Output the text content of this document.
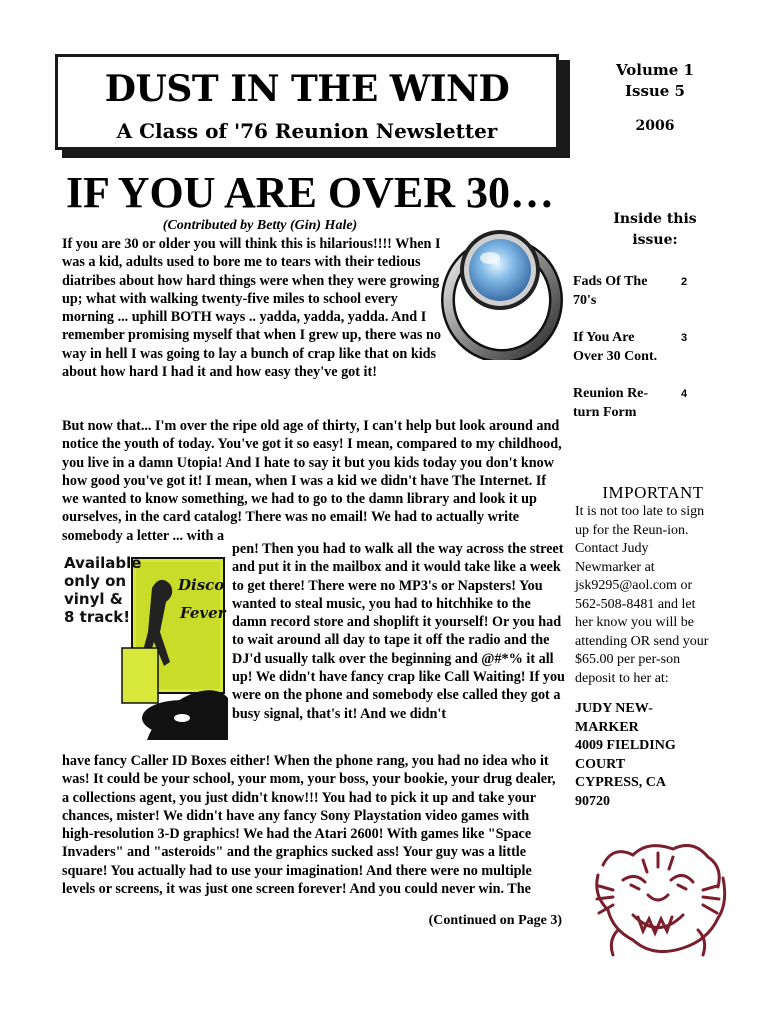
DUST IN THE WIND
A Class of '76 Reunion Newsletter
Volume 1
Issue 5
2006
IF YOU ARE OVER 30…
(Contributed by Betty (Gin) Hale)

If you are 30 or older you will think this is hilarious!!!! When I was a kid, adults used to bore me to tears with their tedious diatribes about how hard things were when they were growing up; what with walking twenty-five miles to school every morning ... uphill BOTH ways .. yadda, yadda, yadda. And I remember promising myself that when I grew up, there was no way in hell I was going to lay a bunch of crap like that on kids about how hard I had it and how easy they've got it!

But now that... I'm over the ripe old age of thirty, I can't help but look around and notice the youth of today. You've got it so easy! I mean, compared to my childhood, you live in a damn Utopia! And I hate to say it but you kids today you don't know how good you've got it! I mean, when I was a kid we didn't have The Internet. If we wanted to know something, we had to go to the damn library and look it up ourselves, in the card catalog! There was no email! We had to actually write somebody a letter ... with a

Disco
Fever
Available
only on
vinyl &
8 track!

pen! Then you had to walk all the way across the street and put it in the mailbox and it would take like a week to get there! There were no MP3's or Napsters! You wanted to steal music, you had to hitchhike to the damn record store and shoplift it yourself! Or you had to wait around all day to tape it off the radio and the DJ'd usually talk over the beginning and @#*% it all up! We didn't have fancy crap like Call Waiting! If you were on the phone and somebody else called they got a busy signal, that's it! And we didn't

have fancy Caller ID Boxes either! When the phone rang, you had no idea who it was! It could be your school, your mom, your boss, your bookie, your drug dealer, a collections agent, you just didn't know!!! You had to pick it up and take your chances, mister! We didn't have any fancy Sony Playstation video games with high-resolution 3-D graphics! We had the Atari 2600! With games like "Space Invaders" and "asteroids" and the graphics sucked ass! Your guy was a little square! You actually had to use your imagination! And there were no multiple levels or screens, it was just one screen forever! And you could never win. The

(Continued on Page 3)
Inside this
issue:
Fads Of The 70's
2
If You Are Over 30 Cont.
3
Reunion Re-turn Form
4
IMPORTANT
It is not too late to sign up for the Reun-ion. Contact Judy Newmarker at jsk9295@aol.com or 562-508-8481 and let her know you will be attending OR send your $65.00 per per-son deposit to her at:
JUDY NEW-
MARKER
4009 FIELDING
COURT
CYPRESS, CA
90720
